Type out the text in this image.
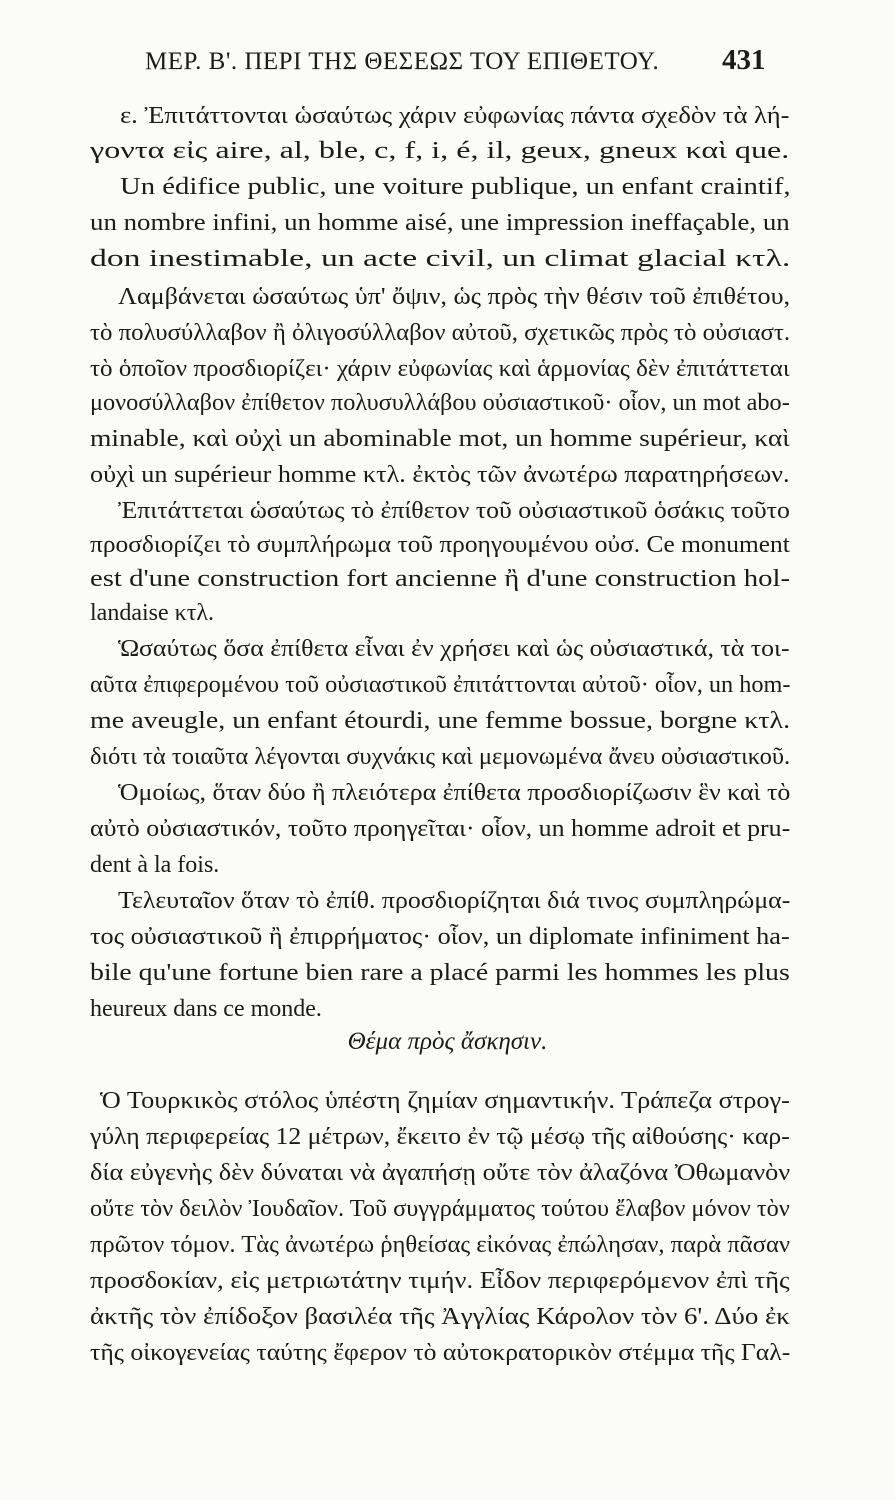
ΜΕΡ. Β'. ΠΕΡΙ ΤΗΣ ΘΕΣΕΩΣ ΤΟΥ ΕΠΙΘΕΤΟΥ. 431
ε. Ἐπιτάττονται ὡσαύτως χάριν εὐφωνίας πάντα σχεδὸν τὰ λή-
γοντα εἰς aire, al, ble, c, f, i, é, il, geux, gneux καὶ que.
Un édifice public, une voiture publique, un enfant craintif,
un nombre infini, un homme aisé, une impression ineffaçable, un
don inestimable, un acte civil, un climat glacial κτλ.
Λαμβάνεται ὡσαύτως ὑπ' ὄψιν, ὡς πρὸς τὴν θέσιν τοῦ ἐπιθέτου,
τὸ πολυσύλλαβον ἢ ὀλιγοσύλλαβον αὐτοῦ, σχετικῶς πρὸς τὸ οὐσιαστ.
τὸ ὁποῖον προσδιορίζει· χάριν εὐφωνίας καὶ ἁρμονίας δὲν ἐπιτάττεται
μονοσύλλαβον ἐπίθετον πολυσυλλάβου οὐσιαστικοῦ· οἷον, un mot abo-
minable, καὶ οὐχὶ un abominable mot, un homme supérieur, καὶ
οὐχὶ un supérieur homme κτλ. ἐκτὸς τῶν ἀνωτέρω παρατηρήσεων.
Ἐπιτάττεται ὡσαύτως τὸ ἐπίθετον τοῦ οὐσιαστικοῦ ὁσάκις τοῦτο
προσδιορίζει τὸ συμπλήρωμα τοῦ προηγουμένου οὐσ. Ce monument
est d'une construction fort ancienne ἢ d'une construction hol-
landaise κτλ.
Ὡσαύτως ὅσα ἐπίθετα εἶναι ἐν χρήσει καὶ ὡς οὐσιαστικά, τὰ τοι-
αῦτα ἐπιφερομένου τοῦ οὐσιαστικοῦ ἐπιτάττονται αὐτοῦ· οἷον, un hom-
me aveugle, un enfant étourdi, une femme bossue, borgne κτλ.
διότι τὰ τοιαῦτα λέγονται συχνάκις καὶ μεμονωμένα ἄνευ οὐσιαστικοῦ.
Ὁμοίως, ὅταν δύο ἢ πλειότερα ἐπίθετα προσδιορίζωσιν ἓν καὶ τὸ
αὐτὸ οὐσιαστικόν, τοῦτο προηγεῖται· οἷον, un homme adroit et pru-
dent à la fois.
Τελευταῖον ὅταν τὸ ἐπίθ. προσδιορίζηται διά τινος συμπληρώμα-
τος οὐσιαστικοῦ ἢ ἐπιρρήματος· οἷον, un diplomate infiniment ha-
bile qu'une fortune bien rare a placé parmi les hommes les plus
heureux dans ce monde.
Θέμα πρὸς ἄσκησιν.
Ὁ Τουρκικὸς στόλος ὑπέστη ζημίαν σημαντικήν. Τράπεζα στρογ-
γύλη περιφερείας 12 μέτρων, ἔκειτο ἐν τῷ μέσῳ τῆς αἰθούσης· καρ-
δία εὐγενὴς δὲν δύναται νὰ ἀγαπήσῃ οὔτε τὸν ἀλαζόνα Ὀθωμανὸν
οὔτε τὸν δειλὸν Ἰουδαῖον. Τοῦ συγγράμματος τούτου ἔλαβον μόνον τὸν
πρῶτον τόμον. Τὰς ἀνωτέρω ῥηθείσας εἰκόνας ἐπώλησαν, παρὰ πᾶσαν
προσδοκίαν, εἰς μετριωτάτην τιμήν. Εἶδον περιφερόμενον ἐπὶ τῆς
ἀκτῆς τὸν ἐπίδοξον βασιλέα τῆς Ἀγγλίας Κάρολον τὸν 6'. Δύο ἐκ
τῆς οἰκογενείας ταύτης ἔφερον τὸ αὐτοκρατορικὸν στέμμα τῆς Γαλ-
